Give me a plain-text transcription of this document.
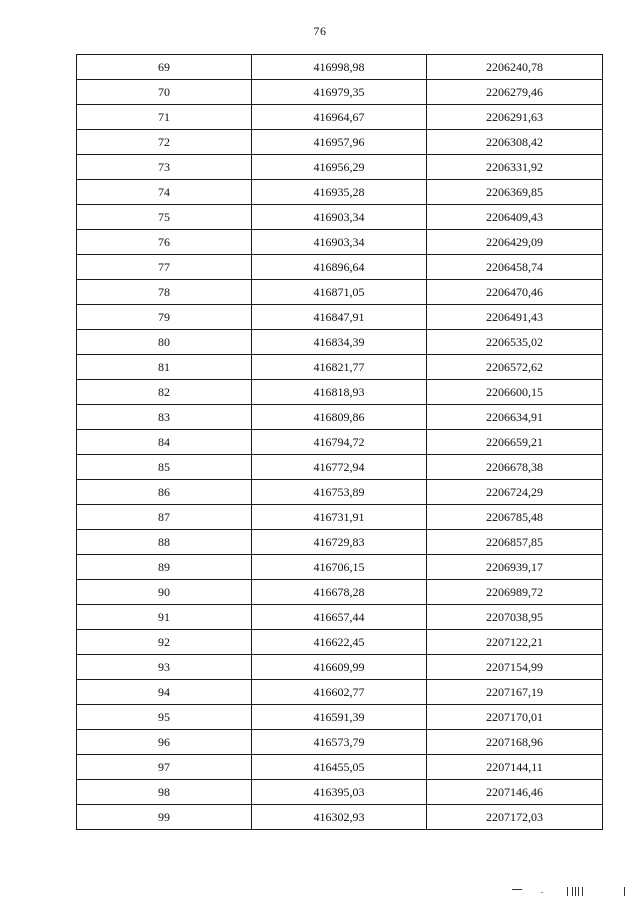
76
69	416998,98	2206240,78
70	416979,35	2206279,46
71	416964,67	2206291,63
72	416957,96	2206308,42
73	416956,29	2206331,92
74	416935,28	2206369,85
75	416903,34	2206409,43
76	416903,34	2206429,09
77	416896,64	2206458,74
78	416871,05	2206470,46
79	416847,91	2206491,43
80	416834,39	2206535,02
81	416821,77	2206572,62
82	416818,93	2206600,15
83	416809,86	2206634,91
84	416794,72	2206659,21
85	416772,94	2206678,38
86	416753,89	2206724,29
87	416731,91	2206785,48
88	416729,83	2206857,85
89	416706,15	2206939,17
90	416678,28	2206989,72
91	416657,44	2207038,95
92	416622,45	2207122,21
93	416609,99	2207154,99
94	416602,77	2207167,19
95	416591,39	2207170,01
96	416573,79	2207168,96
97	416455,05	2207144,11
98	416395,03	2207146,46
99	416302,93	2207172,03
